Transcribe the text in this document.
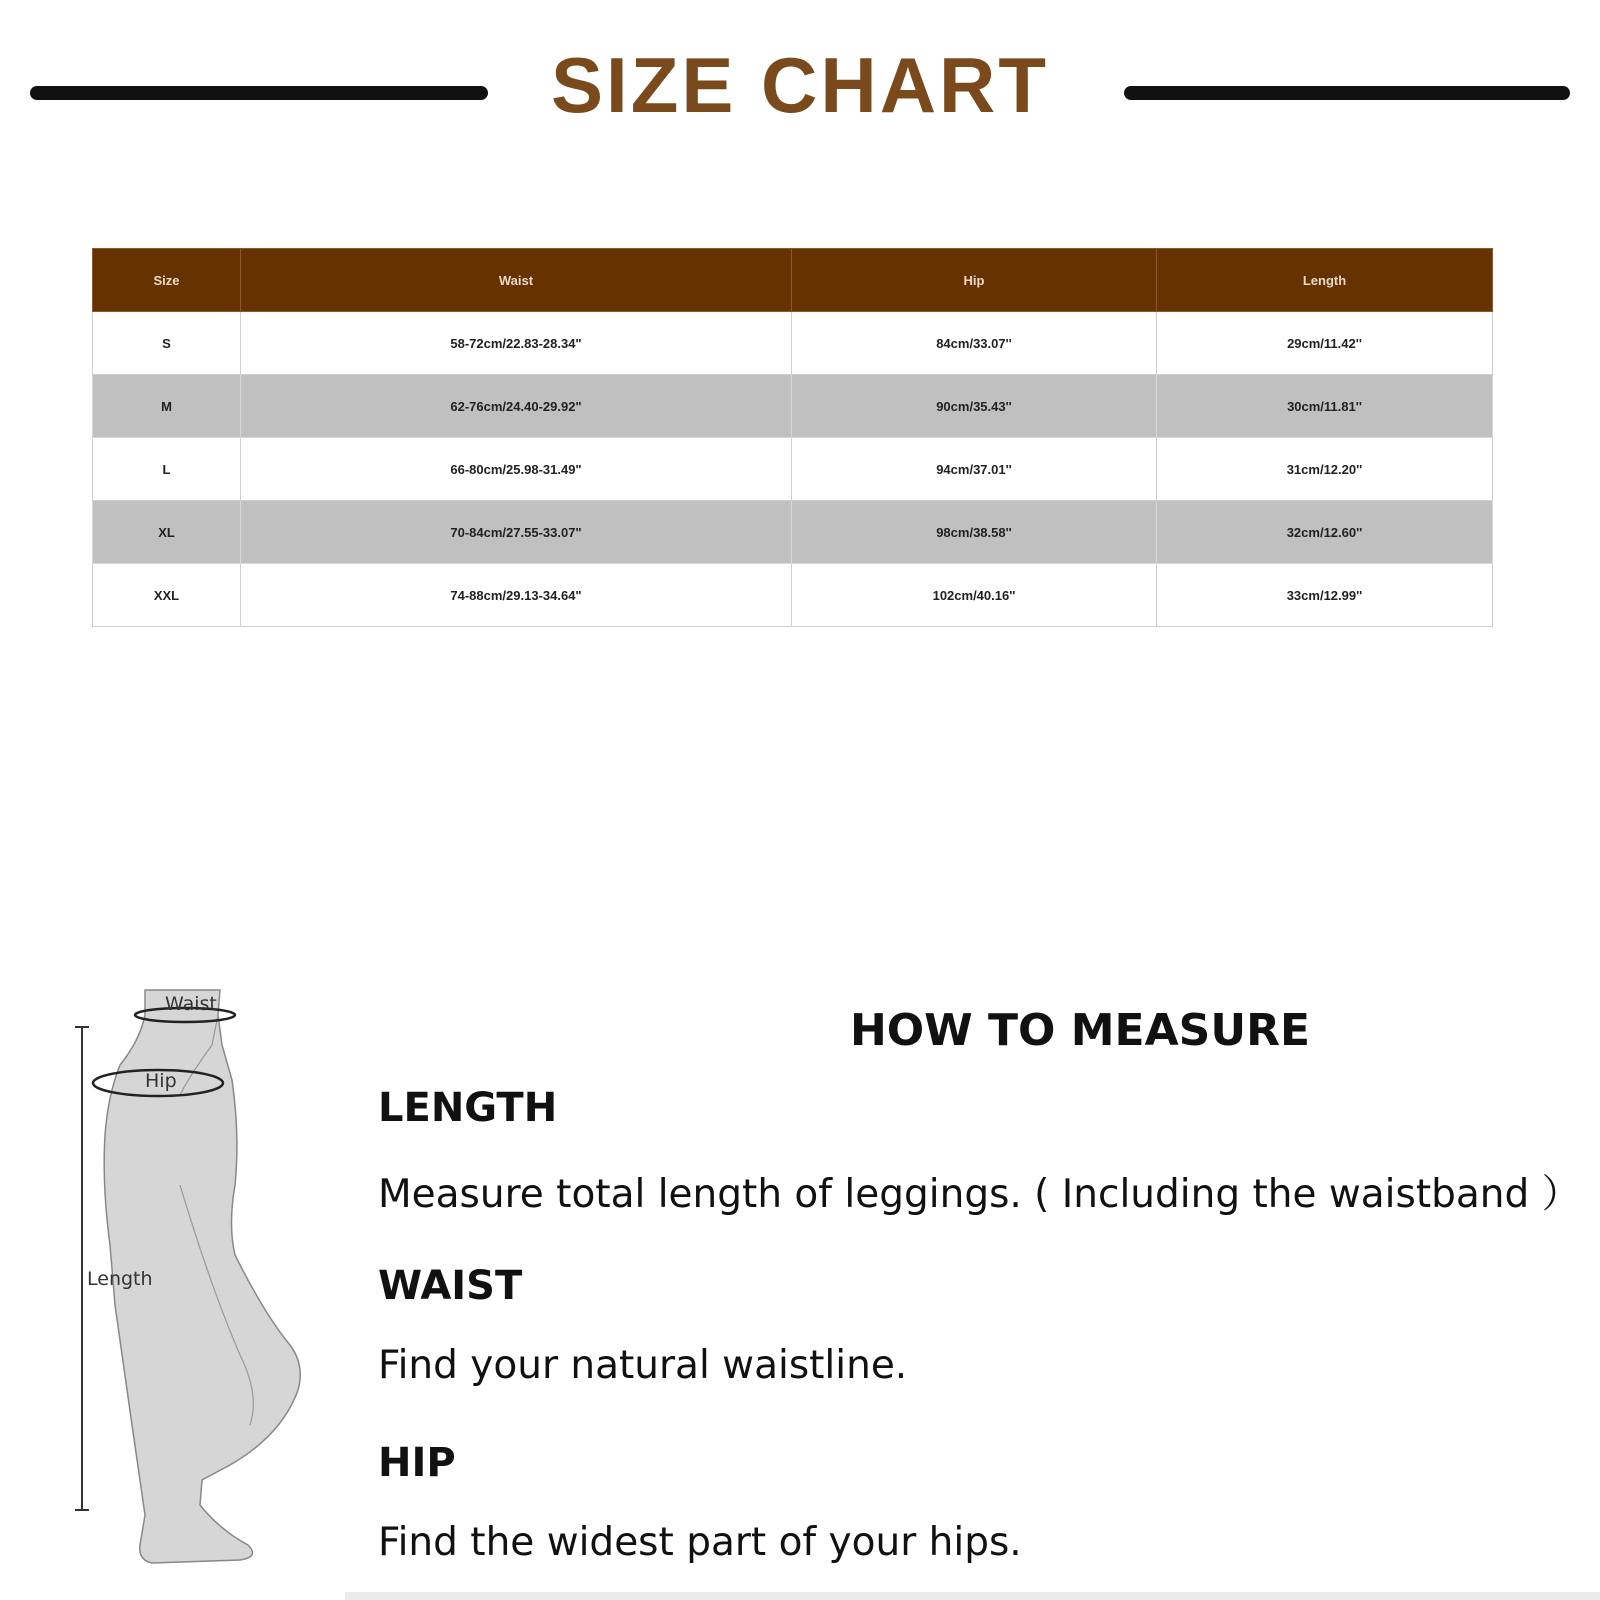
SIZE CHART
Size	Waist	Hip	Length
S	58-72cm/22.83-28.34"	84cm/33.07''	29cm/11.42''
M	62-76cm/24.40-29.92"	90cm/35.43''	30cm/11.81''
L	66-80cm/25.98-31.49"	94cm/37.01''	31cm/12.20''
XL	70-84cm/27.55-33.07"	98cm/38.58''	32cm/12.60''
XXL	74-88cm/29.13-34.64"	102cm/40.16''	33cm/12.99''
Waist
Hip
Length
HOW TO MEASURE
LENGTH
Measure total length of leggings. ( Including the waistband ）
WAIST
Find your natural waistline.
HIP
Find the widest part of your hips.
